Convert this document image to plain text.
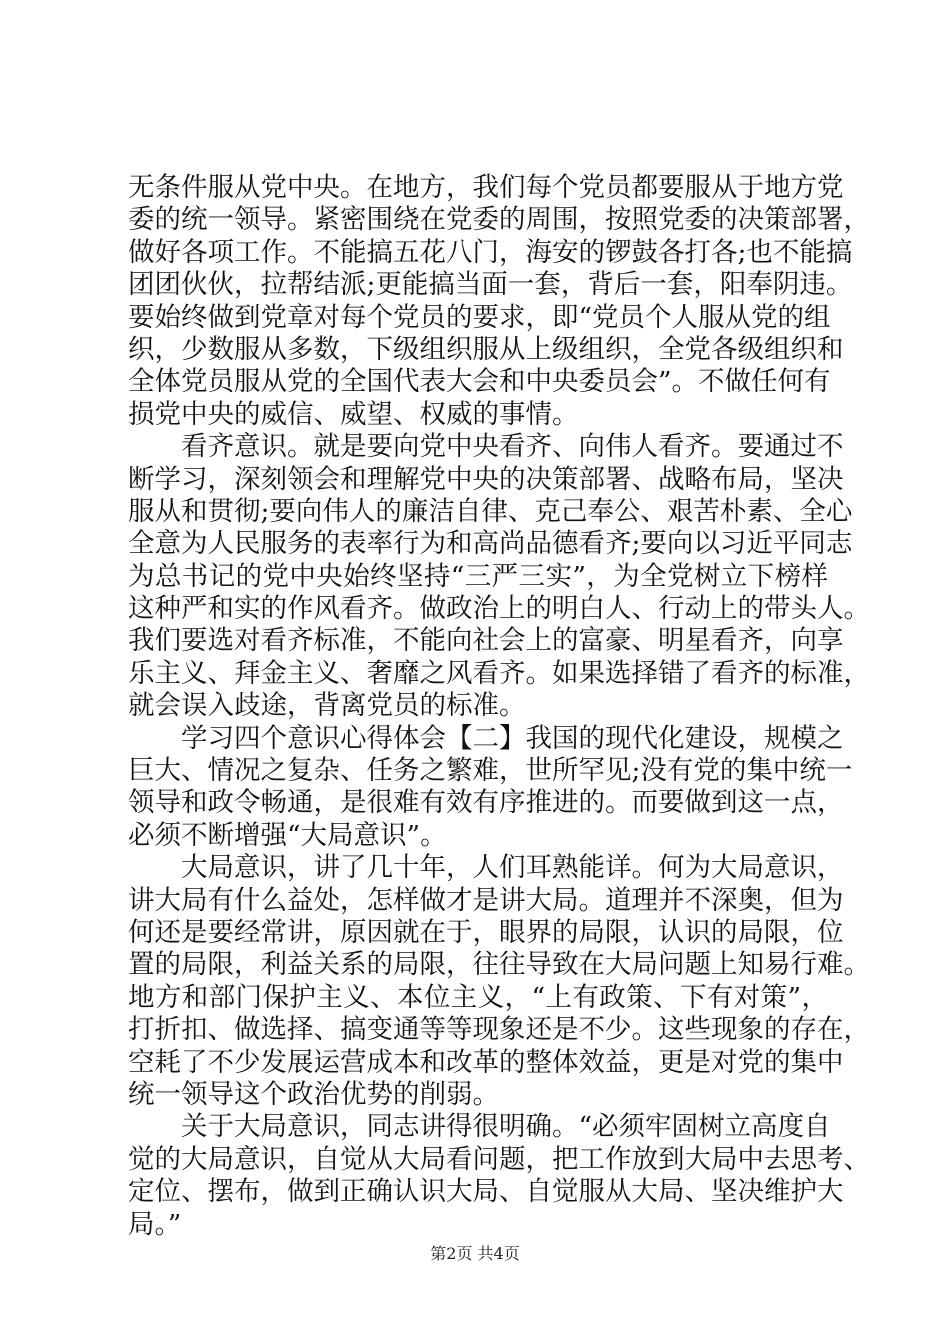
无条件服从党中央。在地方，我们每个党员都要服从于地方党
委的统一领导。紧密围绕在党委的周围，按照党委的决策部署，
做好各项工作。不能搞五花八门，海安的锣鼓各打各;也不能搞
团团伙伙，拉帮结派;更能搞当面一套，背后一套，阳奉阴违。
要始终做到党章对每个党员的要求，即“党员个人服从党的组
织，少数服从多数，下级组织服从上级组织，全党各级组织和
全体党员服从党的全国代表大会和中央委员会”。不做任何有
损党中央的威信、威望、权威的事情。
看齐意识。就是要向党中央看齐、向伟人看齐。要通过不
断学习，深刻领会和理解党中央的决策部署、战略布局，坚决
服从和贯彻;要向伟人的廉洁自律、克己奉公、艰苦朴素、全心
全意为人民服务的表率行为和高尚品德看齐;要向以习近平同志
为总书记的党中央始终坚持“三严三实”，为全党树立下榜样
这种严和实的作风看齐。做政治上的明白人、行动上的带头人。
我们要选对看齐标准，不能向社会上的富豪、明星看齐，向享
乐主义、拜金主义、奢靡之风看齐。如果选择错了看齐的标准，
就会误入歧途，背离党员的标准。
学习四个意识心得体会【二】我国的现代化建设，规模之
巨大、情况之复杂、任务之繁难，世所罕见;没有党的集中统一
领导和政令畅通，是很难有效有序推进的。而要做到这一点，
必须不断增强“大局意识”。
大局意识，讲了几十年，人们耳熟能详。何为大局意识，
讲大局有什么益处，怎样做才是讲大局。道理并不深奥，但为
何还是要经常讲，原因就在于，眼界的局限，认识的局限，位
置的局限，利益关系的局限，往往导致在大局问题上知易行难。
地方和部门保护主义、本位主义，“上有政策、下有对策”，
打折扣、做选择、搞变通等等现象还是不少。这些现象的存在，
空耗了不少发展运营成本和改革的整体效益，更是对党的集中
统一领导这个政治优势的削弱。
关于大局意识，同志讲得很明确。“必须牢固树立高度自
觉的大局意识，自觉从大局看问题，把工作放到大局中去思考、
定位、摆布，做到正确认识大局、自觉服从大局、坚决维护大
局。”
第2页 共4页
